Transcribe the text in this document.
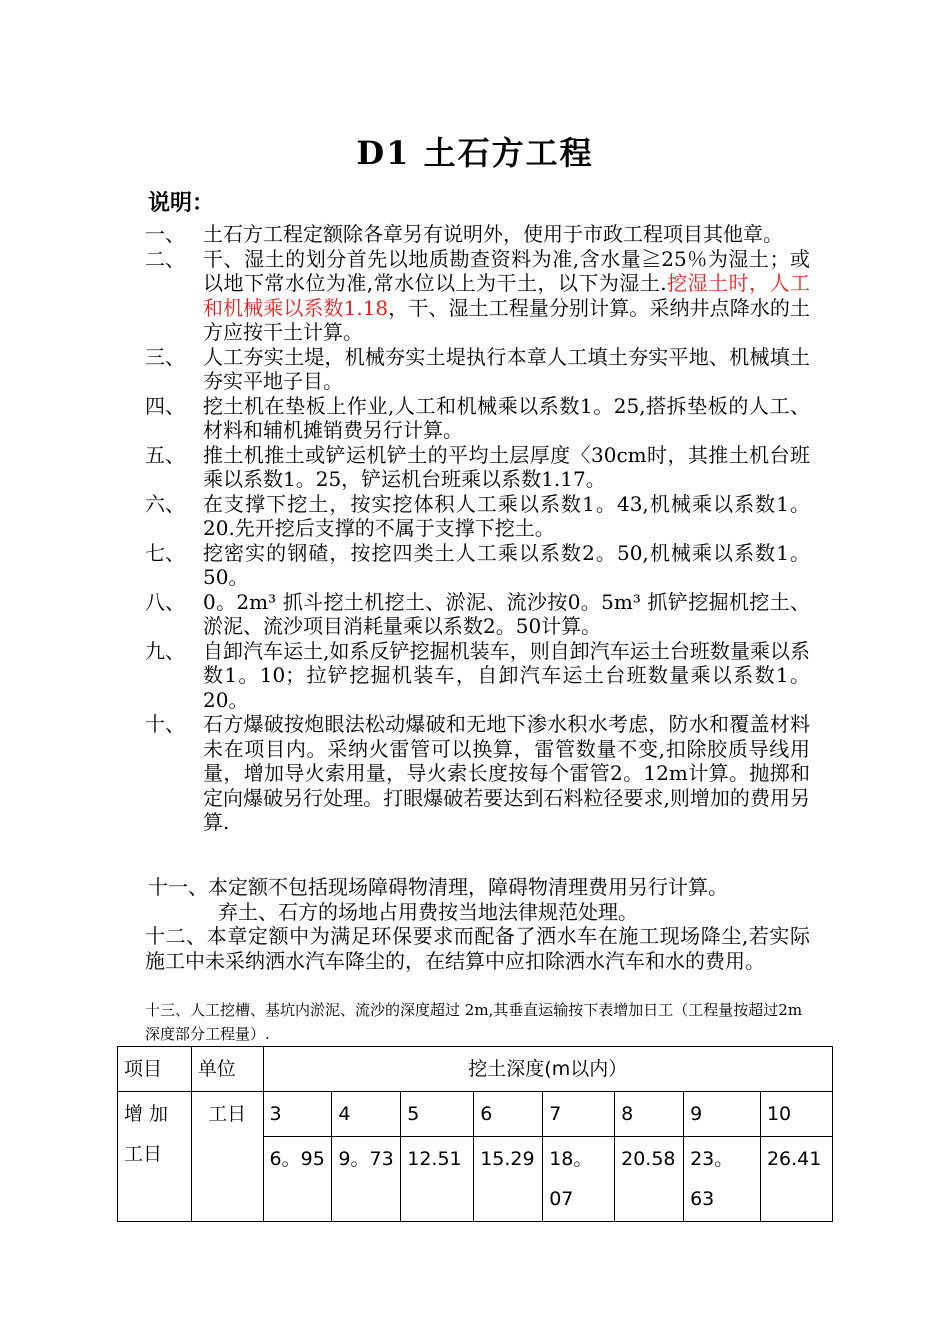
D1 土石方工程
说明：
一、 土石方工程定额除各章另有说明外，使用于市政工程项目其他章。
二、 干、湿土的划分首先以地质勘查资料为准,含水量≧25％为湿土；或以地下常水位为准,常水位以上为干土，以下为湿土.挖湿土时，人工和机械乘以系数1.18，干、湿土工程量分别计算。采纳井点降水的土方应按干土计算。
三、 人工夯实土堤，机械夯实土堤执行本章人工填土夯实平地、机械填土夯实平地子目。
四、 挖土机在垫板上作业,人工和机械乘以系数1。25,搭拆垫板的人工、材料和辅机摊销费另行计算。
五、 推土机推土或铲运机铲土的平均土层厚度〈30cm时，其推土机台班乘以系数1。25，铲运机台班乘以系数1.17。
六、 在支撑下挖土，按实挖体积人工乘以系数1。43,机械乘以系数1。20.先开挖后支撑的不属于支撑下挖土。
七、 挖密实的钢碴，按挖四类土人工乘以系数2。50,机械乘以系数1。50。
八、 0。2m³ 抓斗挖土机挖土、淤泥、流沙按0。5m³ 抓铲挖掘机挖土、淤泥、流沙项目消耗量乘以系数2。50计算。
九、 自卸汽车运土,如系反铲挖掘机装车，则自卸汽车运土台班数量乘以系数1。10；拉铲挖掘机装车，自卸汽车运土台班数量乘以系数1。20。
十、 石方爆破按炮眼法松动爆破和无地下渗水积水考虑，防水和覆盖材料未在项目内。采纳火雷管可以换算，雷管数量不变,扣除胶质导线用量，增加导火索用量，导火索长度按每个雷管2。12m计算。抛掷和定向爆破另行处理。打眼爆破若要达到石料粒径要求,则增加的费用另算.
十一、本定额不包括现场障碍物清理，障碍物清理费用另行计算。
弃土、石方的场地占用费按当地法律规范处理。
十二、本章定额中为满足环保要求而配备了洒水车在施工现场降尘,若实际施工中未采纳洒水汽车降尘的，在结算中应扣除洒水汽车和水的费用。
十三、人工挖槽、基坑内淤泥、流沙的深度超过 2m,其垂直运输按下表增加日工（工程量按超过2m深度部分工程量）.
项目	单位	挖土深度(m以内）							
增 加 工日	工日	3	4	5	6	7	8	9	10
		6。95	9。73	12.51	15.29	18。07	20.58	23。63	26.41
